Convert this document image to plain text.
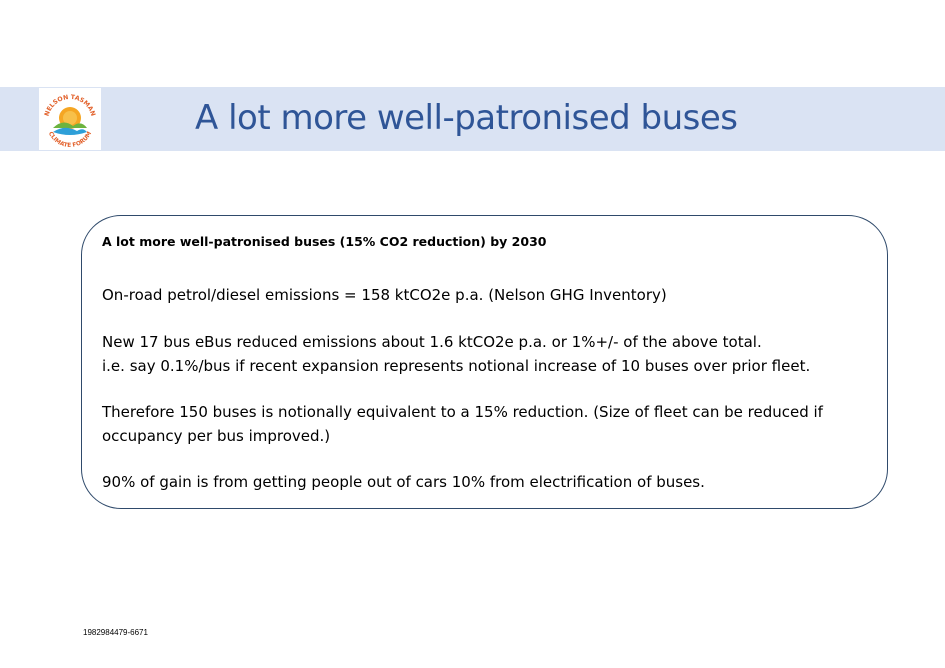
NELSON TASMAN
CLIMATE FORUM	A lot more well-patronised buses
A lot more well-patronised buses (15% CO2 reduction) by 2030
On-road petrol/diesel emissions = 158 ktCO2e p.a. (Nelson GHG Inventory)
New 17 bus eBus reduced emissions about 1.6 ktCO2e p.a. or 1%+/- of the above total.
i.e. say 0.1%/bus if recent expansion represents notional increase of 10 buses over prior fleet.
Therefore 150 buses is notionally equivalent to a 15% reduction. (Size of fleet can be reduced if
occupancy per bus improved.)
90% of gain is from getting people out of cars 10% from electrification of buses.
1982984479-6671
